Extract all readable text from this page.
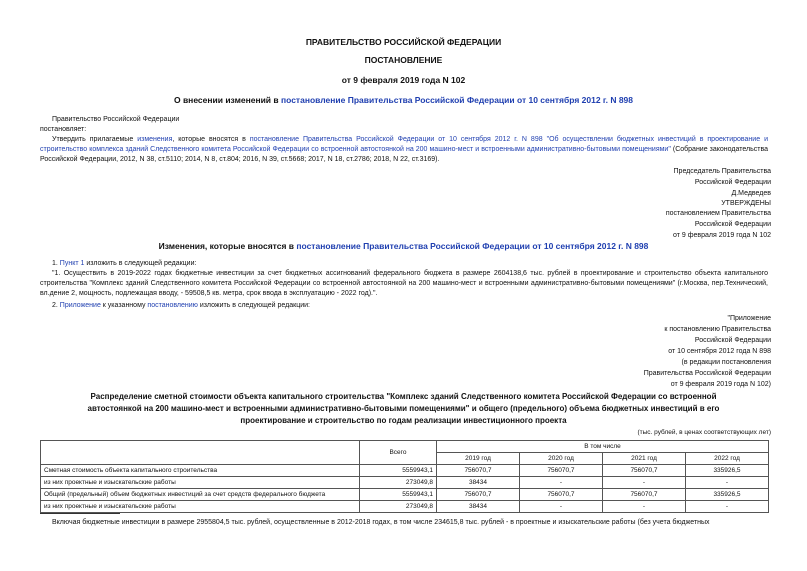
ПРАВИТЕЛЬСТВО РОССИЙСКОЙ ФЕДЕРАЦИИ
ПОСТАНОВЛЕНИЕ
от 9 февраля 2019 года N 102
О внесении изменений в постановление Правительства Российской Федерации от 10 сентября 2012 г. N 898
Правительство Российской Федерации
постановляет:
Утвердить прилагаемые изменения, которые вносятся в постановление Правительства Российской Федерации от 10 сентября 2012 г. N 898 "Об осуществлении бюджетных инвестиций в проектирование и строительство комплекса зданий Следственного комитета Российской Федерации со встроенной автостоянкой на 200 машино-мест и встроенными административно-бытовыми помещениями" (Собрание законодательства Российской Федерации, 2012, N 38, ст.5110; 2014, N 8, ст.804; 2016, N 39, ст.5668; 2017, N 18, ст.2786; 2018, N 22, ст.3169).
Председатель Правительства
Российской Федерации
Д.Медведев
УТВЕРЖДЕНЫ
постановлением Правительства
Российской Федерации
от 9 февраля 2019 года N 102
Изменения, которые вносятся в постановление Правительства Российской Федерации от 10 сентября 2012 г. N 898
1. Пункт 1 изложить в следующей редакции:
"1. Осуществить в 2019-2022 годах бюджетные инвестиции за счет бюджетных ассигнований федерального бюджета в размере 2604138,6 тыс. рублей в проектирование и строительство объекта капитального строительства "Комплекс зданий Следственного комитета Российской Федерации со встроенной автостоянкой на 200 машино-мест и встроенными административно-бытовыми помещениями" (г.Москва, пер.Технический, вл.дение 2, мощность, подлежащая вводу, - 59508,5 кв. метра, срок ввода в эксплуатацию - 2022 год).".
2. Приложение к указанному постановлению изложить в следующей редакции:
"Приложение
к постановлению Правительства
Российской Федерации
от 10 сентября 2012 года N 898
(в редакции постановления
Правительства Российской Федерации
от 9 февраля 2019 года N 102)
Распределение сметной стоимости объекта капитального строительства "Комплекс зданий Следственного комитета Российской Федерации со встроенной
автостоянкой на 200 машино-мест и встроенными административно-бытовыми помещениями" и общего (предельного) объема бюджетных инвестиций в его
проектирование и строительство по годам реализации инвестиционного проекта
(тыс. рублей, в ценах соответствующих лет)
	Всего	В том числе			
		2019 год	2020 год	2021 год	2022 год
Сметная стоимость объекта капитального строительства	5559943,1	756070,7	756070,7	756070,7	335926,5
из них проектные и изыскательские работы	273049,8	38434	-	-	-
Общий (предельный) объем бюджетных инвестиций за счет средств федерального бюджета	5559943,1	756070,7	756070,7	756070,7	335926,5
из них проектные и изыскательские работы	273049,8	38434	-	-	-
Включая бюджетные инвестиции в размере 2955804,5 тыс. рублей, осуществленные в 2012-2018 годах, в том числе 234615,8 тыс. рублей - в проектные и изыскательские работы (без учета бюджетных
